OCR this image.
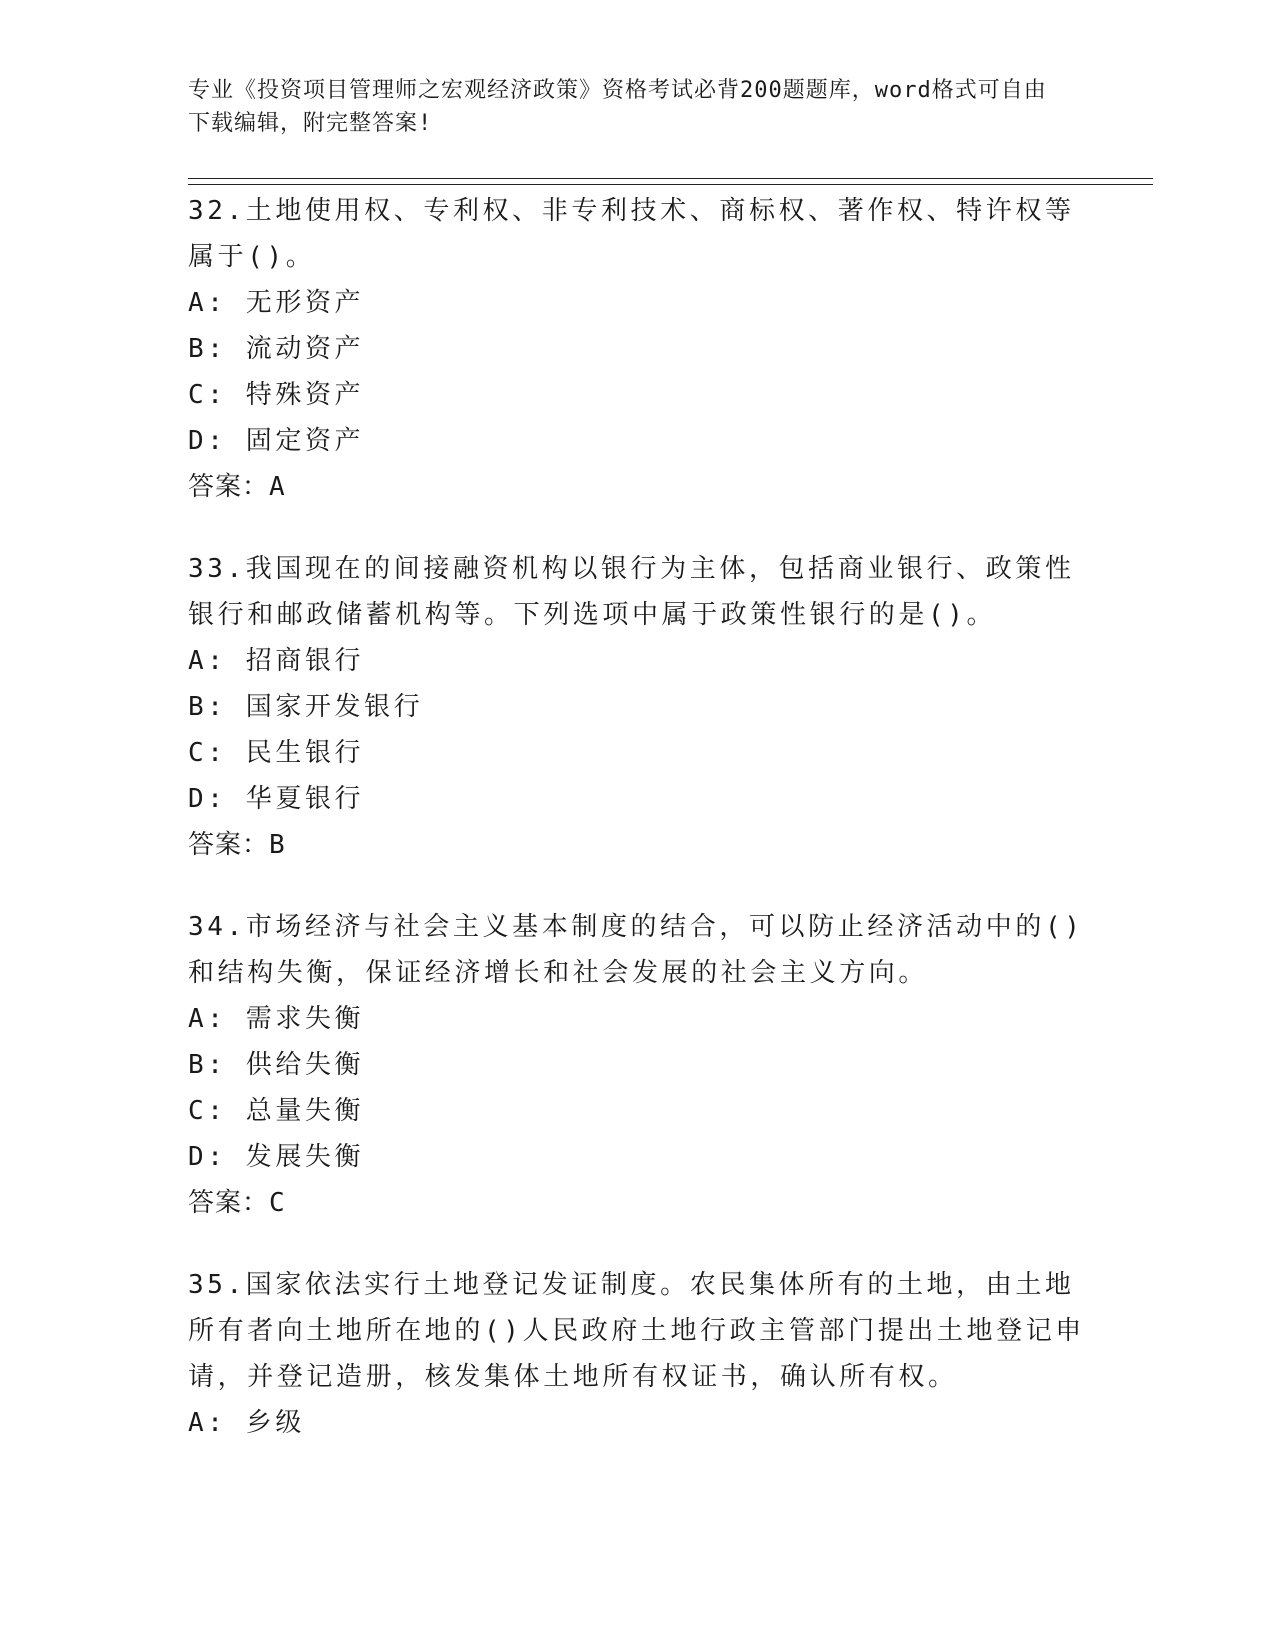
专业《投资项目管理师之宏观经济政策》资格考试必背200题题库，word格式可自由下载编辑，附完整答案!
32.土地使用权、专利权、非专利技术、商标权、著作权、特许权等属于()。
A: 无形资产
B: 流动资产
C: 特殊资产
D: 固定资产
答案：A
33.我国现在的间接融资机构以银行为主体，包括商业银行、政策性银行和邮政储蓄机构等。下列选项中属于政策性银行的是()。
A: 招商银行
B: 国家开发银行
C: 民生银行
D: 华夏银行
答案：B
34.市场经济与社会主义基本制度的结合，可以防止经济活动中的()和结构失衡，保证经济增长和社会发展的社会主义方向。
A: 需求失衡
B: 供给失衡
C: 总量失衡
D: 发展失衡
答案：C
35.国家依法实行土地登记发证制度。农民集体所有的土地，由土地所有者向土地所在地的()人民政府土地行政主管部门提出土地登记申请，并登记造册，核发集体土地所有权证书，确认所有权。
A: 乡级
